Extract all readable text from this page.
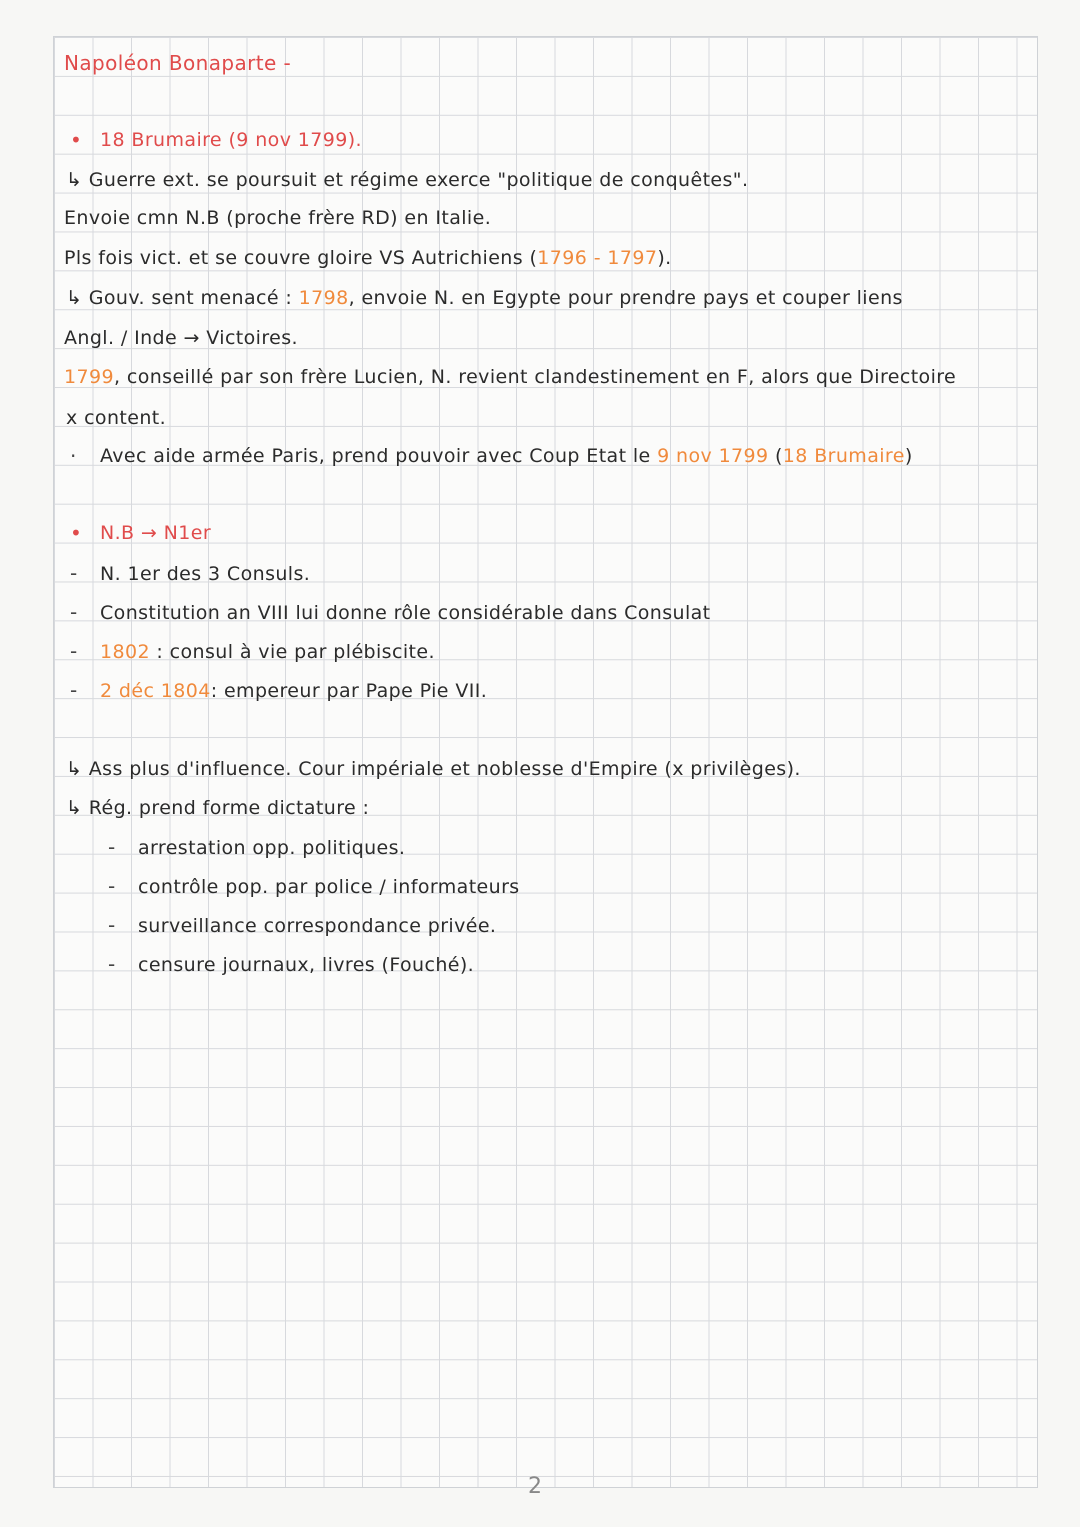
Napoléon Bonaparte -
• 18 Brumaire (9 nov 1799).
↳ Guerre ext. se poursuit et régime exerce "politique de conquêtes".
Envoie cmn N.B (proche frère RD) en Italie.
Pls fois vict. et se couvre gloire VS Autrichiens (1796 - 1797).
↳ Gouv. sent menacé : 1798, envoie N. en Egypte pour prendre pays et couper liens
Angl. / Inde → Victoires.
1799, conseillé par son frère Lucien, N. revient clandestinement en F, alors que Directoire
x content.
· Avec aide armée Paris, prend pouvoir avec Coup Etat le 9 nov 1799 (18 Brumaire)
• N.B → N1er
- N. 1er des 3 Consuls.
- Constitution an VIII lui donne rôle considérable dans Consulat
- 1802 : consul à vie par plébiscite.
- 2 déc 1804: empereur par Pape Pie VII.
↳ Ass plus d'influence. Cour impériale et noblesse d'Empire (x privilèges).
↳ Rég. prend forme dictature :
- arrestation opp. politiques.
- contrôle pop. par police / informateurs
- surveillance correspondance privée.
- censure journaux, livres (Fouché).
2
